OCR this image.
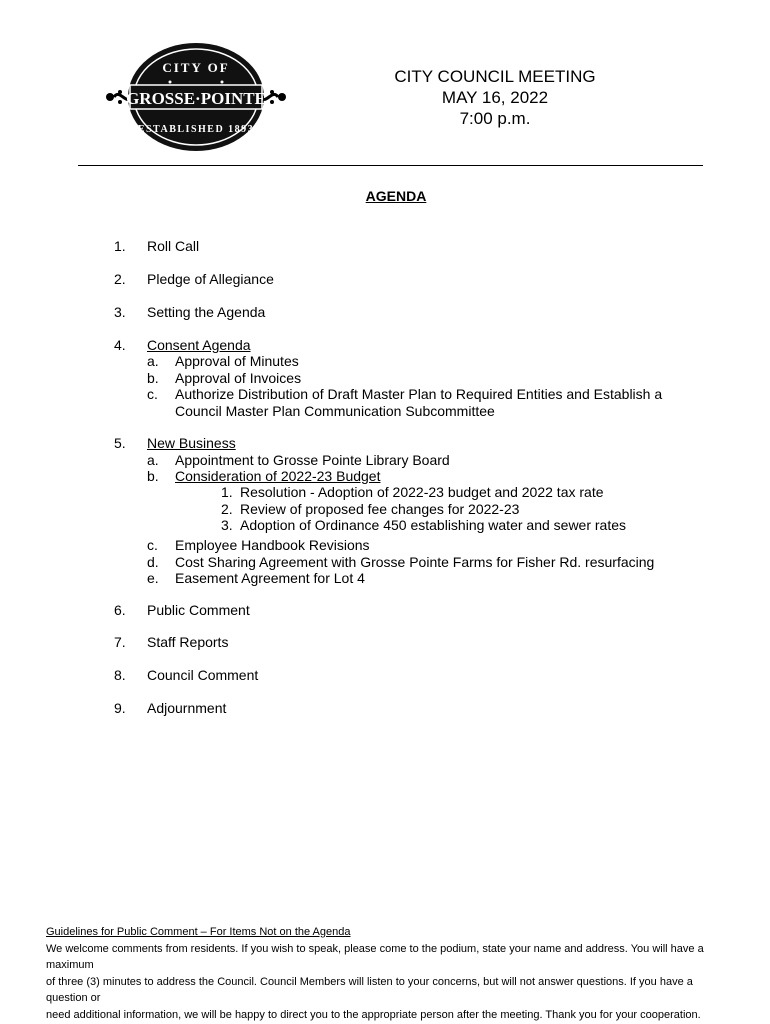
CITY OF
GROSSE·POINTE
ESTABLISHED 1893
CITY COUNCIL MEETING
MAY 16, 2022
7:00 p.m.
AGENDA
1.	Roll Call
2.	Pledge of Allegiance
3.	Setting the Agenda
4.	Consent Agenda
a.	Approval of Minutes
b.	Approval of Invoices
c.	Authorize Distribution of Draft Master Plan to Required Entities and Establish a
Council Master Plan Communication Subcommittee
5.	New Business
a.	Appointment to Grosse Pointe Library Board
b.	Consideration of 2022-23 Budget
1. Resolution - Adoption of 2022-23 budget and 2022 tax rate
2. Review of proposed fee changes for 2022-23
3. Adoption of Ordinance 450 establishing water and sewer rates
c.	Employee Handbook Revisions
d.	Cost Sharing Agreement with Grosse Pointe Farms for Fisher Rd. resurfacing
e.	Easement Agreement for Lot 4
6.	Public Comment
7.	Staff Reports
8.	Council Comment
9.	Adjournment
Guidelines for Public Comment – For Items Not on the Agenda
We welcome comments from residents. If you wish to speak, please come to the podium, state your name and address. You will have a maximum
of three (3) minutes to address the Council. Council Members will listen to your concerns, but will not answer questions. If you have a question or
need additional information, we will be happy to direct you to the appropriate person after the meeting. Thank you for your cooperation.
